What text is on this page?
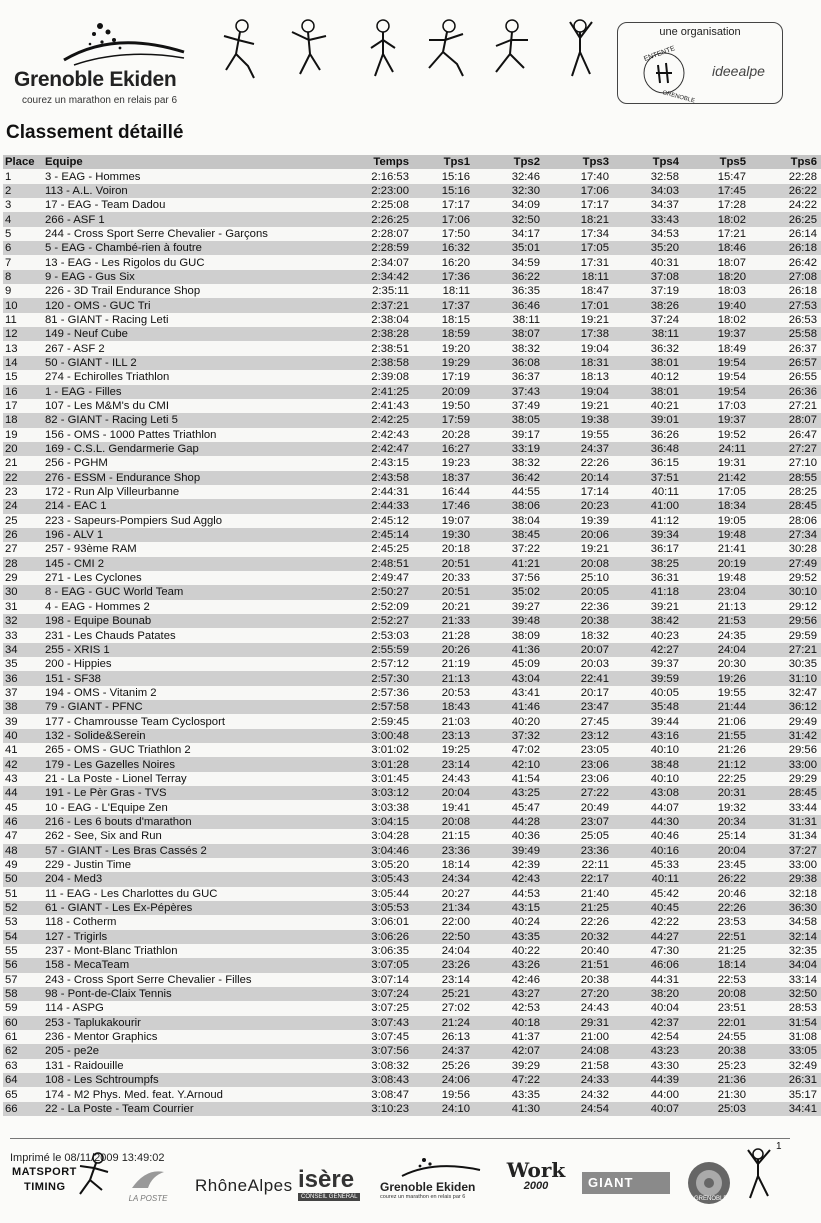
Grenoble Ekiden
courez un marathon en relais par 6
une organisation
ENTENTE
GRENOBLE
ideealpe
Classement détaillé
Place	Equipe	Temps	Tps1	Tps2	Tps3	Tps4	Tps5	Tps6
1	3 - EAG - Hommes	2:16:53	15:16	32:46	17:40	32:58	15:47	22:28
2	113 - A.L. Voiron	2:23:00	15:16	32:30	17:06	34:03	17:45	26:22
3	17 - EAG - Team Dadou	2:25:08	17:17	34:09	17:17	34:37	17:28	24:22
4	266 - ASF 1	2:26:25	17:06	32:50	18:21	33:43	18:02	26:25
5	244 - Cross Sport Serre Chevalier - Garçons	2:28:07	17:50	34:17	17:34	34:53	17:21	26:14
6	5 - EAG - Chambé-rien à foutre	2:28:59	16:32	35:01	17:05	35:20	18:46	26:18
7	13 - EAG - Les Rigolos du GUC	2:34:07	16:20	34:59	17:31	40:31	18:07	26:42
8	9 - EAG - Gus Six	2:34:42	17:36	36:22	18:11	37:08	18:20	27:08
9	226 - 3D Trail Endurance Shop	2:35:11	18:11	36:35	18:47	37:19	18:03	26:18
10	120 - OMS - GUC Tri	2:37:21	17:37	36:46	17:01	38:26	19:40	27:53
11	81 - GIANT - Racing Leti	2:38:04	18:15	38:11	19:21	37:24	18:02	26:53
12	149 - Neuf Cube	2:38:28	18:59	38:07	17:38	38:11	19:37	25:58
13	267 - ASF 2	2:38:51	19:20	38:32	19:04	36:32	18:49	26:37
14	50 - GIANT - ILL 2	2:38:58	19:29	36:08	18:31	38:01	19:54	26:57
15	274 - Echirolles Triathlon	2:39:08	17:19	36:37	18:13	40:12	19:54	26:55
16	1 - EAG - Filles	2:41:25	20:09	37:43	19:04	38:01	19:54	26:36
17	107 - Les M&M's du CMI	2:41:43	19:50	37:49	19:21	40:21	17:03	27:21
18	82 - GIANT - Racing Leti 5	2:42:25	17:59	38:05	19:38	39:01	19:37	28:07
19	156 - OMS - 1000 Pattes Triathlon	2:42:43	20:28	39:17	19:55	36:26	19:52	26:47
20	169 - C.S.L. Gendarmerie Gap	2:42:47	16:27	33:19	24:37	36:48	24:11	27:27
21	256 - PGHM	2:43:15	19:23	38:32	22:26	36:15	19:31	27:10
22	276 - ESSM - Endurance Shop	2:43:58	18:37	36:42	20:14	37:51	21:42	28:55
23	172 - Run Alp Villeurbanne	2:44:31	16:44	44:55	17:14	40:11	17:05	28:25
24	214 - EAC 1	2:44:33	17:46	38:06	20:23	41:00	18:34	28:45
25	223 - Sapeurs-Pompiers Sud Agglo	2:45:12	19:07	38:04	19:39	41:12	19:05	28:06
26	196 - ALV 1	2:45:14	19:30	38:45	20:06	39:34	19:48	27:34
27	257 - 93ème RAM	2:45:25	20:18	37:22	19:21	36:17	21:41	30:28
28	145 - CMI 2	2:48:51	20:51	41:21	20:08	38:25	20:19	27:49
29	271 - Les Cyclones	2:49:47	20:33	37:56	25:10	36:31	19:48	29:52
30	8 - EAG - GUC World Team	2:50:27	20:51	35:02	20:05	41:18	23:04	30:10
31	4 - EAG - Hommes 2	2:52:09	20:21	39:27	22:36	39:21	21:13	29:12
32	198 - Equipe Bounab	2:52:27	21:33	39:48	20:38	38:42	21:53	29:56
33	231 - Les Chauds Patates	2:53:03	21:28	38:09	18:32	40:23	24:35	29:59
34	255 - XRIS 1	2:55:59	20:26	41:36	20:07	42:27	24:04	27:21
35	200 - Hippies	2:57:12	21:19	45:09	20:03	39:37	20:30	30:35
36	151 - SF38	2:57:30	21:13	43:04	22:41	39:59	19:26	31:10
37	194 - OMS - Vitanim 2	2:57:36	20:53	43:41	20:17	40:05	19:55	32:47
38	79 - GIANT - PFNC	2:57:58	18:43	41:46	23:47	35:48	21:44	36:12
39	177 - Chamrousse Team Cyclosport	2:59:45	21:03	40:20	27:45	39:44	21:06	29:49
40	132 - Solide&Serein	3:00:48	23:13	37:32	23:12	43:16	21:55	31:42
41	265 - OMS - GUC Triathlon 2	3:01:02	19:25	47:02	23:05	40:10	21:26	29:56
42	179 - Les Gazelles Noires	3:01:28	23:14	42:10	23:06	38:48	21:12	33:00
43	21 - La Poste - Lionel Terray	3:01:45	24:43	41:54	23:06	40:10	22:25	29:29
44	191 - Le Pèr Gras - TVS	3:03:12	20:04	43:25	27:22	43:08	20:31	28:45
45	10 - EAG - L'Equipe Zen	3:03:38	19:41	45:47	20:49	44:07	19:32	33:44
46	216 - Les 6 bouts d'marathon	3:04:15	20:08	44:28	23:07	44:30	20:34	31:31
47	262 - See, Six and Run	3:04:28	21:15	40:36	25:05	40:46	25:14	31:34
48	57 - GIANT - Les Bras Cassés 2	3:04:46	23:36	39:49	23:36	40:16	20:04	37:27
49	229 - Justin Time	3:05:20	18:14	42:39	22:11	45:33	23:45	33:00
50	204 - Med3	3:05:43	24:34	42:43	22:17	40:11	26:22	29:38
51	11 - EAG - Les Charlottes du GUC	3:05:44	20:27	44:53	21:40	45:42	20:46	32:18
52	61 - GIANT - Les Ex-Pépères	3:05:53	21:34	43:15	21:25	40:45	22:26	36:30
53	118 - Cotherm	3:06:01	22:00	40:24	22:26	42:22	23:53	34:58
54	127 - Trigirls	3:06:26	22:50	43:35	20:32	44:27	22:51	32:14
55	237 - Mont-Blanc Triathlon	3:06:35	24:04	40:22	20:40	47:30	21:25	32:35
56	158 - MecaTeam	3:07:05	23:26	43:26	21:51	46:06	18:14	34:04
57	243 - Cross Sport Serre Chevalier - Filles	3:07:14	23:14	42:46	20:38	44:31	22:53	33:14
58	98 - Pont-de-Claix Tennis	3:07:24	25:21	43:27	27:20	38:20	20:08	32:50
59	114 - ASPG	3:07:25	27:02	42:53	24:43	40:04	23:51	28:53
60	253 - Taplukakourir	3:07:43	21:24	40:18	29:31	42:37	22:01	31:54
61	236 - Mentor Graphics	3:07:45	26:13	41:37	21:00	42:54	24:55	31:08
62	205 - pe2e	3:07:56	24:37	42:07	24:08	43:23	20:38	33:05
63	131 - Raidouille	3:08:32	25:26	39:29	21:58	43:30	25:23	32:49
64	108 - Les Schtroumpfs	3:08:43	24:06	47:22	24:33	44:39	21:36	26:31
65	174 - M2 Phys. Med. feat. Y.Arnoud	3:08:47	19:56	43:35	24:32	44:00	21:30	35:17
66	22 - La Poste - Team Courrier	3:10:23	24:10	41:30	24:54	40:07	25:03	34:41
1
Imprimé le 08/11/2009 13:49:02
MATSPORT
TIMING
LA POSTE
RhôneAlpes isère
CONSEIL GÉNÉRAL
Grenoble Ekiden
courez un marathon en relais par 6
Work
2000	GIANT
GRENOBLE
